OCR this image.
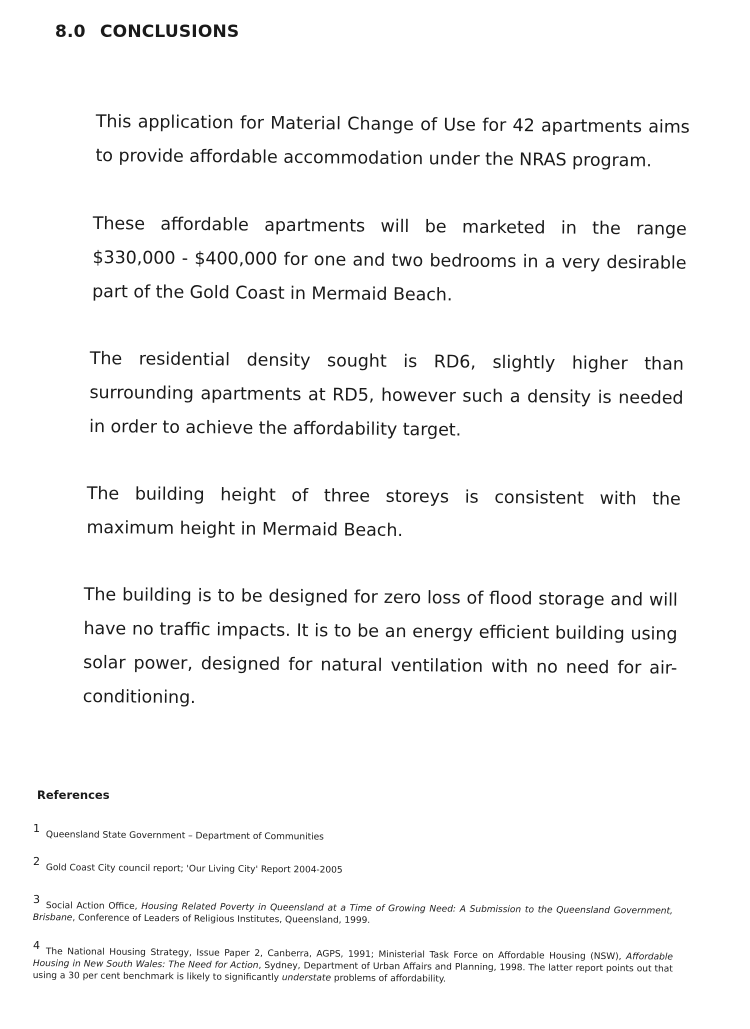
8.0 CONCLUSIONS

This application for Material Change of Use for 42 apartments aims to provide affordable accommodation under the NRAS program.

These affordable apartments will be marketed in the range $330,000 - $400,000 for one and two bedrooms in a very desirable part of the Gold Coast in Mermaid Beach.

The residential density sought is RD6, slightly higher than surrounding apartments at RD5, however such a density is needed in order to achieve the affordability target.

The building height of three storeys is consistent with the maximum height in Mermaid Beach.

The building is to be designed for zero loss of flood storage and will have no traffic impacts. It is to be an energy efficient building using solar power, designed for natural ventilation with no need for air-conditioning.

References
1Queensland State Government – Department of Communities
2Gold Coast City council report; 'Our Living City' Report 2004-2005
3Social Action Office, Housing Related Poverty in Queensland at a Time of Growing Need: A Submission to the Queensland Government, Brisbane, Conference of Leaders of Religious Institutes, Queensland, 1999.
4The National Housing Strategy, Issue Paper 2, Canberra, AGPS, 1991; Ministerial Task Force on Affordable Housing (NSW), Affordable Housing in New South Wales: The Need for Action, Sydney, Department of Urban Affairs and Planning, 1998. The latter report points out that using a 30 per cent benchmark is likely to significantly understate problems of affordability.
